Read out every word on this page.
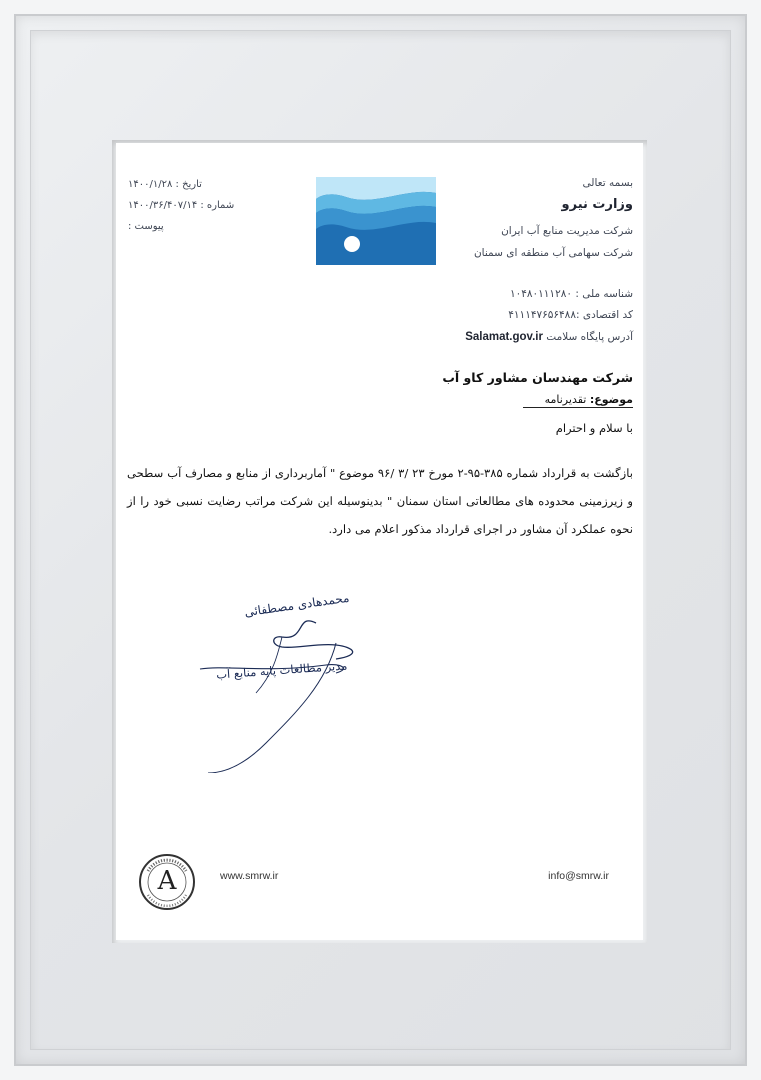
بسمه تعالی
وزارت نیرو
شرکت مدیریت منابع آب ایران
شرکت سهامی آب منطقه ای سمنان
شناسه ملی : ۱۰۴۸۰۱۱۱۲۸۰
کد اقتصادی :۴۱۱۱۴۷۶۵۶۴۸۸
آدرس پایگاه سلامت Salamat.gov.ir
تاریخ : ۱۴۰۰/۱/۲۸
شماره : ۱۴۰۰/۳۶/۴۰۷/۱۴
پیوست :
شرکت مهندسان مشاور کاو آب
موضوع: تقدیرنامه
با سلام و احترام
بازگشت به قرارداد شماره ۳۸۵-۹۵-۲ مورخ ۲۳ /۳ /۹۶ موضوع " آماربرداری از منابع و مصارف آب سطحی و زیرزمینی محدوده های مطالعاتی استان سمنان " بدینوسیله این شرکت مراتب رضایت نسبی خود را از نحوه عملکرد آن مشاور در اجرای قرارداد مذکور اعلام می دارد.
محمدهادی مصطفائی
مدیر مطالعات پایه منابع آب
info@smrw.ir
www.smrw.ir
A
